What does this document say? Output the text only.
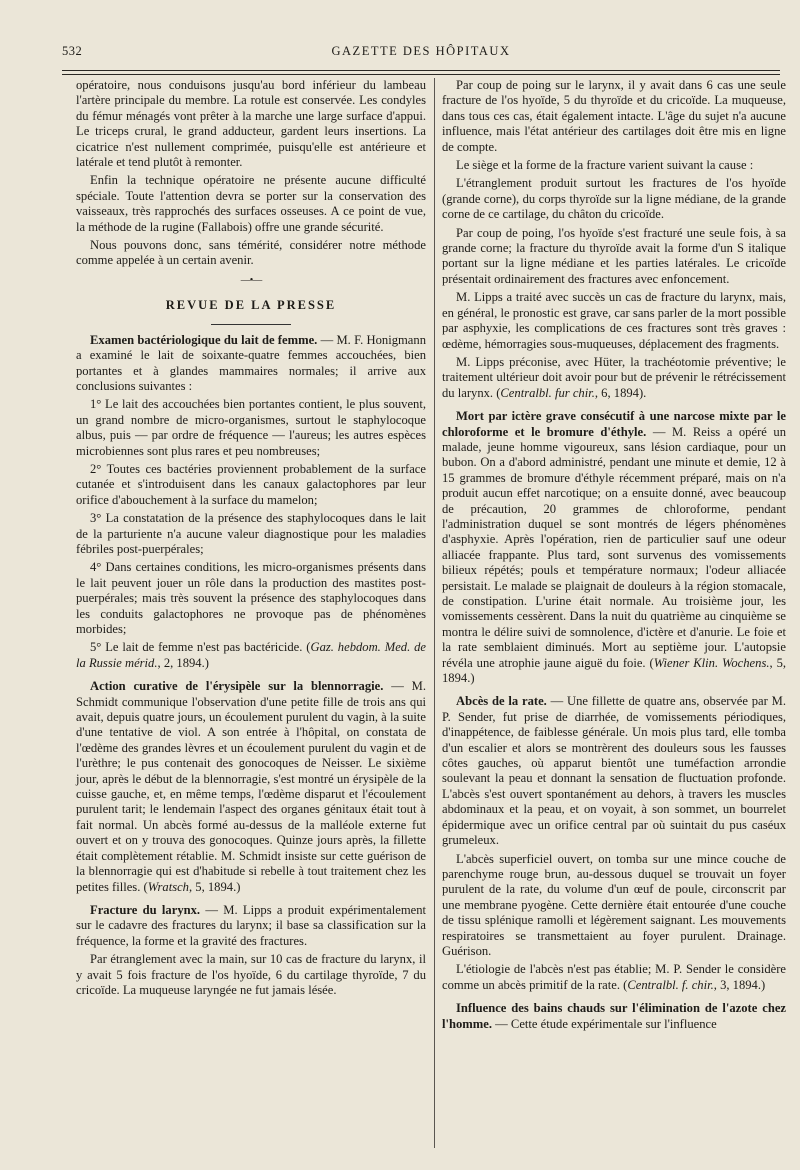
532	GAZETTE DES HÔPITAUX

opératoire, nous conduisons jusqu'au bord inférieur du lambeau l'artère principale du membre. La rotule est conservée. Les condyles du fémur ménagés vont prêter à la marche une large surface d'appui. Le triceps crural, le grand adducteur, gardent leurs insertions. La cicatrice n'est nullement comprimée, puisqu'elle est antérieure et latérale et tend plutôt à remonter.

Enfin la technique opératoire ne présente aucune difficulté spéciale. Toute l'attention devra se porter sur la conservation des vaisseaux, très rapprochés des surfaces osseuses. A ce point de vue, la méthode de la rugine (Fallabois) offre une grande sécurité.

Nous pouvons donc, sans témérité, considérer notre méthode comme appelée à un certain avenir.

—•—
REVUE DE LA PRESSE

Examen bactériologique du lait de femme. — M. F. Honigmann a examiné le lait de soixante-quatre femmes accouchées, bien portantes et à glandes mammaires normales; il arrive aux conclusions suivantes :

1° Le lait des accouchées bien portantes contient, le plus souvent, un grand nombre de micro-organismes, surtout le staphylocoque albus, puis — par ordre de fréquence — l'aureus; les autres espèces microbiennes sont plus rares et peu nombreuses;

2° Toutes ces bactéries proviennent probablement de la surface cutanée et s'introduisent dans les canaux galactophores par leur orifice d'abouchement à la surface du mamelon;

3° La constatation de la présence des staphylocoques dans le lait de la parturiente n'a aucune valeur diagnostique pour les maladies fébriles post-puerpérales;

4° Dans certaines conditions, les micro-organismes présents dans le lait peuvent jouer un rôle dans la production des mastites post-puerpérales; mais très souvent la présence des staphylocoques dans les conduits galactophores ne provoque pas de phénomènes morbides;

5° Le lait de femme n'est pas bactéricide. (Gaz. hebdom. Med. de la Russie mérid., 2, 1894.)

Action curative de l'érysipèle sur la blennorragie. — M. Schmidt communique l'observation d'une petite fille de trois ans qui avait, depuis quatre jours, un écoulement purulent du vagin, à la suite d'une tentative de viol. A son entrée à l'hôpital, on constata de l'œdème des grandes lèvres et un écoulement purulent du vagin et de l'urèthre; le pus contenait des gonocoques de Neisser. Le sixième jour, après le début de la blennorragie, s'est montré un érysipèle de la cuisse gauche, et, en même temps, l'œdème disparut et l'écoulement purulent tarit; le lendemain l'aspect des organes génitaux était tout à fait normal. Un abcès formé au-dessus de la malléole externe fut ouvert et on y trouva des gonocoques. Quinze jours après, la fillette était complètement rétablie. M. Schmidt insiste sur cette guérison de la blennorragie qui est d'habitude si rebelle à tout traitement chez les petites filles. (Wratsch, 5, 1894.)

Fracture du larynx. — M. Lipps a produit expérimentalement sur le cadavre des fractures du larynx; il base sa classification sur la fréquence, la forme et la gravité des fractures.

Par étranglement avec la main, sur 10 cas de fracture du larynx, il y avait 5 fois fracture de l'os hyoïde, 6 du cartilage thyroïde, 7 du cricoïde. La muqueuse laryngée ne fut jamais lésée.

Par coup de poing sur le larynx, il y avait dans 6 cas une seule fracture de l'os hyoïde, 5 du thyroïde et du cricoïde. La muqueuse, dans tous ces cas, était également intacte. L'âge du sujet n'a aucune influence, mais l'état antérieur des cartilages doit être mis en ligne de compte.

Le siège et la forme de la fracture varient suivant la cause :

L'étranglement produit surtout les fractures de l'os hyoïde (grande corne), du corps thyroïde sur la ligne médiane, de la grande corne de ce cartilage, du châton du cricoïde.

Par coup de poing, l'os hyoïde s'est fracturé une seule fois, à sa grande corne; la fracture du thyroïde avait la forme d'un S italique portant sur la ligne médiane et les parties latérales. Le cricoïde présentait ordinairement des fractures avec enfoncement.

M. Lipps a traité avec succès un cas de fracture du larynx, mais, en général, le pronostic est grave, car sans parler de la mort possible par asphyxie, les complications de ces fractures sont très graves : œdème, hémorragies sous-muqueuses, déplacement des fragments.

M. Lipps préconise, avec Hüter, la trachéotomie préventive; le traitement ultérieur doit avoir pour but de prévenir le rétrécissement du larynx. (Centralbl. fur chir., 6, 1894).

Mort par ictère grave consécutif à une narcose mixte par le chloroforme et le bromure d'éthyle. — M. Reiss a opéré un malade, jeune homme vigoureux, sans lésion cardiaque, pour un bubon. On a d'abord administré, pendant une minute et demie, 12 à 15 grammes de bromure d'éthyle récemment préparé, mais on n'a produit aucun effet narcotique; on a ensuite donné, avec beaucoup de précaution, 20 grammes de chloroforme, pendant l'administration duquel se sont montrés de légers phénomènes d'asphyxie. Après l'opération, rien de particulier sauf une odeur alliacée frappante. Plus tard, sont survenus des vomissements bilieux répétés; pouls et température normaux; l'odeur alliacée persistait. Le malade se plaignait de douleurs à la région stomacale, de constipation. L'urine était normale. Au troisième jour, les vomissements cessèrent. Dans la nuit du quatrième au cinquième se montra le délire suivi de somnolence, d'ictère et d'anurie. Le foie et la rate semblaient diminués. Mort au septième jour. L'autopsie révéla une atrophie jaune aiguë du foie. (Wiener Klin. Wochens., 5, 1894.)

Abcès de la rate. — Une fillette de quatre ans, observée par M. P. Sender, fut prise de diarrhée, de vomissements périodiques, d'inappétence, de faiblesse générale. Un mois plus tard, elle tomba d'un escalier et alors se montrèrent des douleurs sous les fausses côtes gauches, où apparut bientôt une tuméfaction arrondie soulevant la peau et donnant la sensation de fluctuation profonde. L'abcès s'est ouvert spontanément au dehors, à travers les muscles abdominaux et la peau, et on voyait, à son sommet, un bourrelet épidermique avec un orifice central par où suintait du pus caséux grumeleux.

L'abcès superficiel ouvert, on tomba sur une mince couche de parenchyme rouge brun, au-dessous duquel se trouvait un foyer purulent de la rate, du volume d'un œuf de poule, circonscrit par une membrane pyogène. Cette dernière était entourée d'une couche de tissu splénique ramolli et légèrement saignant. Les mouvements respiratoires se transmettaient au foyer purulent. Drainage. Guérison.

L'étiologie de l'abcès n'est pas établie; M. P. Sender le considère comme un abcès primitif de la rate. (Centralbl. f. chir., 3, 1894.)

Influence des bains chauds sur l'élimination de l'azote chez l'homme. — Cette étude expérimentale sur l'influence
